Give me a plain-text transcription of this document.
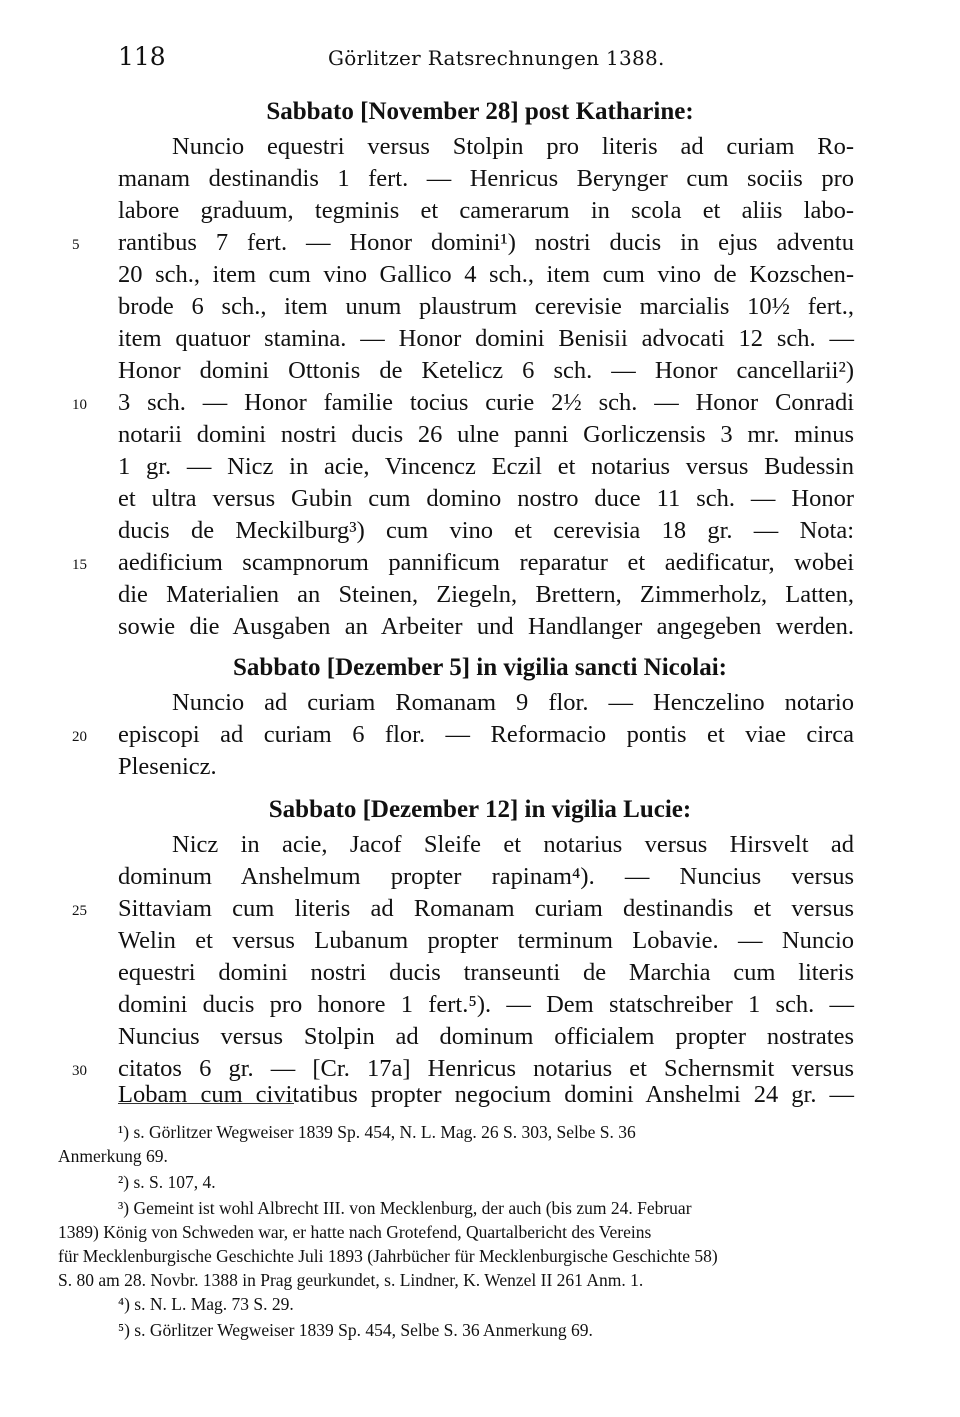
118	Görlitzer Ratsrechnungen 1388.
Sabbato [November 28] post Katharine:
Nuncio equestri versus Stolpin pro literis ad curiam Ro-
manam destinandis 1 fert. — Henricus Berynger cum sociis pro
labore graduum, tegminis et camerarum in scola et aliis labo-
rantibus 7 fert. — Honor domini¹) nostri ducis in ejus adventu
20 sch., item cum vino Gallico 4 sch., item cum vino de Kozschen-
brode 6 sch., item unum plaustrum cerevisie marcialis 10½ fert.,
item quatuor stamina. — Honor domini Benisii advocati 12 sch. —
Honor domini Ottonis de Ketelicz 6 sch. — Honor cancellarii²)
3 sch. — Honor familie tocius curie 2½ sch. — Honor Conradi
notarii domini nostri ducis 26 ulne panni Gorliczensis 3 mr. minus
1 gr. — Nicz in acie, Vincencz Eczil et notarius versus Budessin
et ultra versus Gubin cum domino nostro duce 11 sch. — Honor
ducis de Meckilburg³) cum vino et cerevisia 18 gr. — Nota:
aedificium scampnorum pannificum reparatur et aedificatur, wobei
die Materialien an Steinen, Ziegeln, Brettern, Zimmerholz, Latten,
sowie die Ausgaben an Arbeiter und Handlanger angegeben werden.
Sabbato [Dezember 5] in vigilia sancti Nicolai:
Nuncio ad curiam Romanam 9 flor. — Henczelino notario
episcopi ad curiam 6 flor. — Reformacio pontis et viae circa
Plesenicz.
Sabbato [Dezember 12] in vigilia Lucie:
Nicz in acie, Jacof Sleife et notarius versus Hirsvelt ad
dominum Anshelmum propter rapinam⁴). — Nuncius versus
Sittaviam cum literis ad Romanam curiam destinandis et versus
Welin et versus Lubanum propter terminum Lobavie. — Nuncio
equestri domini nostri ducis transeunti de Marchia cum literis
domini ducis pro honore 1 fert.⁵). — Dem statschreiber 1 sch. —
Nuncius versus Stolpin ad dominum officialem propter nostrates
citatos 6 gr. — [Cr. 17a] Henricus notarius et Schernsmit versus
Lobam cum civitatibus propter negocium domini Anshelmi 24 gr. —
5
10
15
20
25
30
¹) s. Görlitzer Wegweiser 1839 Sp. 454, N. L. Mag. 26 S. 303, Selbe S. 36
Anmerkung 69.
²) s. S. 107, 4.
³) Gemeint ist wohl Albrecht III. von Mecklenburg, der auch (bis zum 24. Februar
1389) König von Schweden war, er hatte nach Grotefend, Quartalbericht des Vereins
für Mecklenburgische Geschichte Juli 1893 (Jahrbücher für Mecklenburgische Geschichte 58)
S. 80 am 28. Novbr. 1388 in Prag geurkundet, s. Lindner, K. Wenzel II 261 Anm. 1.
⁴) s. N. L. Mag. 73 S. 29.
⁵) s. Görlitzer Wegweiser 1839 Sp. 454, Selbe S. 36 Anmerkung 69.
